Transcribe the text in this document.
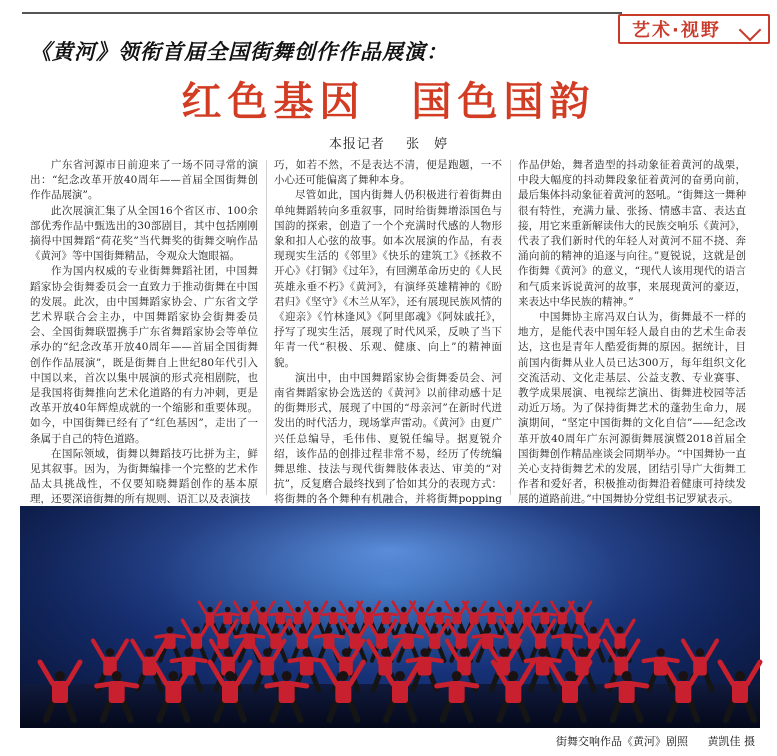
艺术·视野
《黄河》领衔首届全国街舞创作作品展演：
红色基因　国色国韵
本报记者 张　婷

广东省河源市日前迎来了一场不同寻常的演出：“纪念改革开放40周年——首届全国街舞创作作品展演”。

此次展演汇集了从全国16个省区市、100余部优秀作品中甄选出的30部剧目，其中包括刚刚摘得中国舞蹈“荷花奖”当代舞奖的街舞交响作品《黄河》等中国街舞精品，令观众大饱眼福。

作为国内权威的专业街舞舞蹈社团，中国舞蹈家协会街舞委员会一直致力于推动街舞在中国的发展。此次，由中国舞蹈家协会、广东省文学艺术界联合会主办，中国舞蹈家协会街舞委员会、全国街舞联盟携手广东省舞蹈家协会等单位承办的“纪念改革开放40周年——首届全国街舞创作作品展演”，既是街舞自上世纪80年代引入中国以来，首次以集中展演的形式亮相剧院，也是我国将街舞推向艺术化道路的有力冲刺，更是改革开放40年辉煌成就的一个缩影和重要体现。如今，中国街舞已经有了“红色基因”，走出了一条属于自己的特色道路。

在国际领域，街舞以舞蹈技巧比拼为主，鲜见其叙事。因为，为街舞编排一个完整的艺术作品太具挑战性，不仅要知晓舞蹈创作的基本原理，还要深谙街舞的所有规则、语汇以及表演技

巧，如若不然，不是表达不清，便是跑题，一不小心还可能偏离了舞种本身。

尽管如此，国内街舞人仍积极进行着街舞由单纯舞蹈转向多重叙事，同时给街舞增添国色与国韵的探索，创造了一个个充满时代感的人物形象和扣人心弦的故事。如本次展演的作品，有表现现实生活的《邻里》《快乐的建筑工》《拯救不开心》《打铜》《过年》，有回溯革命历史的《人民英雄永垂不朽》《黄河》，有演绎英雄精神的《盼君归》《坚守》《木兰从军》，还有展现民族风情的《迎亲》《竹林逢风》《阿里郎魂》《阿妹戚托》，抒写了现实生活，展现了时代风采，反映了当下年青一代“积极、乐观、健康、向上”的精神面貌。

演出中，由中国舞蹈家协会街舞委员会、河南省舞蹈家协会选送的《黄河》以前律动感十足的街舞形式，展现了中国的“母亲河”在新时代迸发出的时代活力，现场掌声雷动。《黄河》由夏广兴任总编导，毛伟伟、夏锐任编导。据夏锐介绍，该作品的创排过程非常不易，经历了传统编舞思维、技法与现代街舞肢体表达、审美的“对抗”，反复磨合最终找到了恰如其分的表现方式：将街舞的各个舞种有机融合，并将街舞popping

作品伊始，舞者造型的抖动象征着黄河的战栗，中段大幅度的抖动舞段象征着黄河的奋勇向前，最后集体抖动象征着黄河的怒吼。“街舞这一舞种很有特性，充满力量、张扬、情感丰富、表达直接，用它来重新解读伟大的民族交响乐《黄河》，代表了我们新时代的年轻人对黄河不屈不挠、奔涌向前的精神的追逐与向往。”夏锐说，这就是创作街舞《黄河》的意义，“现代人该用现代的语言和气质来诉说黄河的故事，来展现黄河的豪迈，来表达中华民族的精神。”

中国舞协主席冯双白认为，街舞最不一样的地方，是能代表中国年轻人最自由的艺术生命表达，这也是青年人酷爱街舞的原因。据统计，目前国内街舞从业人员已达300万，每年组织文化交流活动、文化走基层、公益支教、专业赛事、教学成果展演、电视综艺演出、街舞进校园等活动近万场。为了保持街舞艺术的蓬勃生命力，展演期间，“坚定中国街舞的文化自信”——纪念改革开放40周年广东河源街舞展演暨2018首届全国街舞创作精品座谈会同期举办。“中国舞协一直关心支持街舞艺术的发展，团结引导广大街舞工作者和爱好者，积极推动街舞沿着健康可持续发展的道路前进。”中国舞协分党组书记罗斌表示。

街舞交响作品《黄河》剧照 黄凯佳 摄
